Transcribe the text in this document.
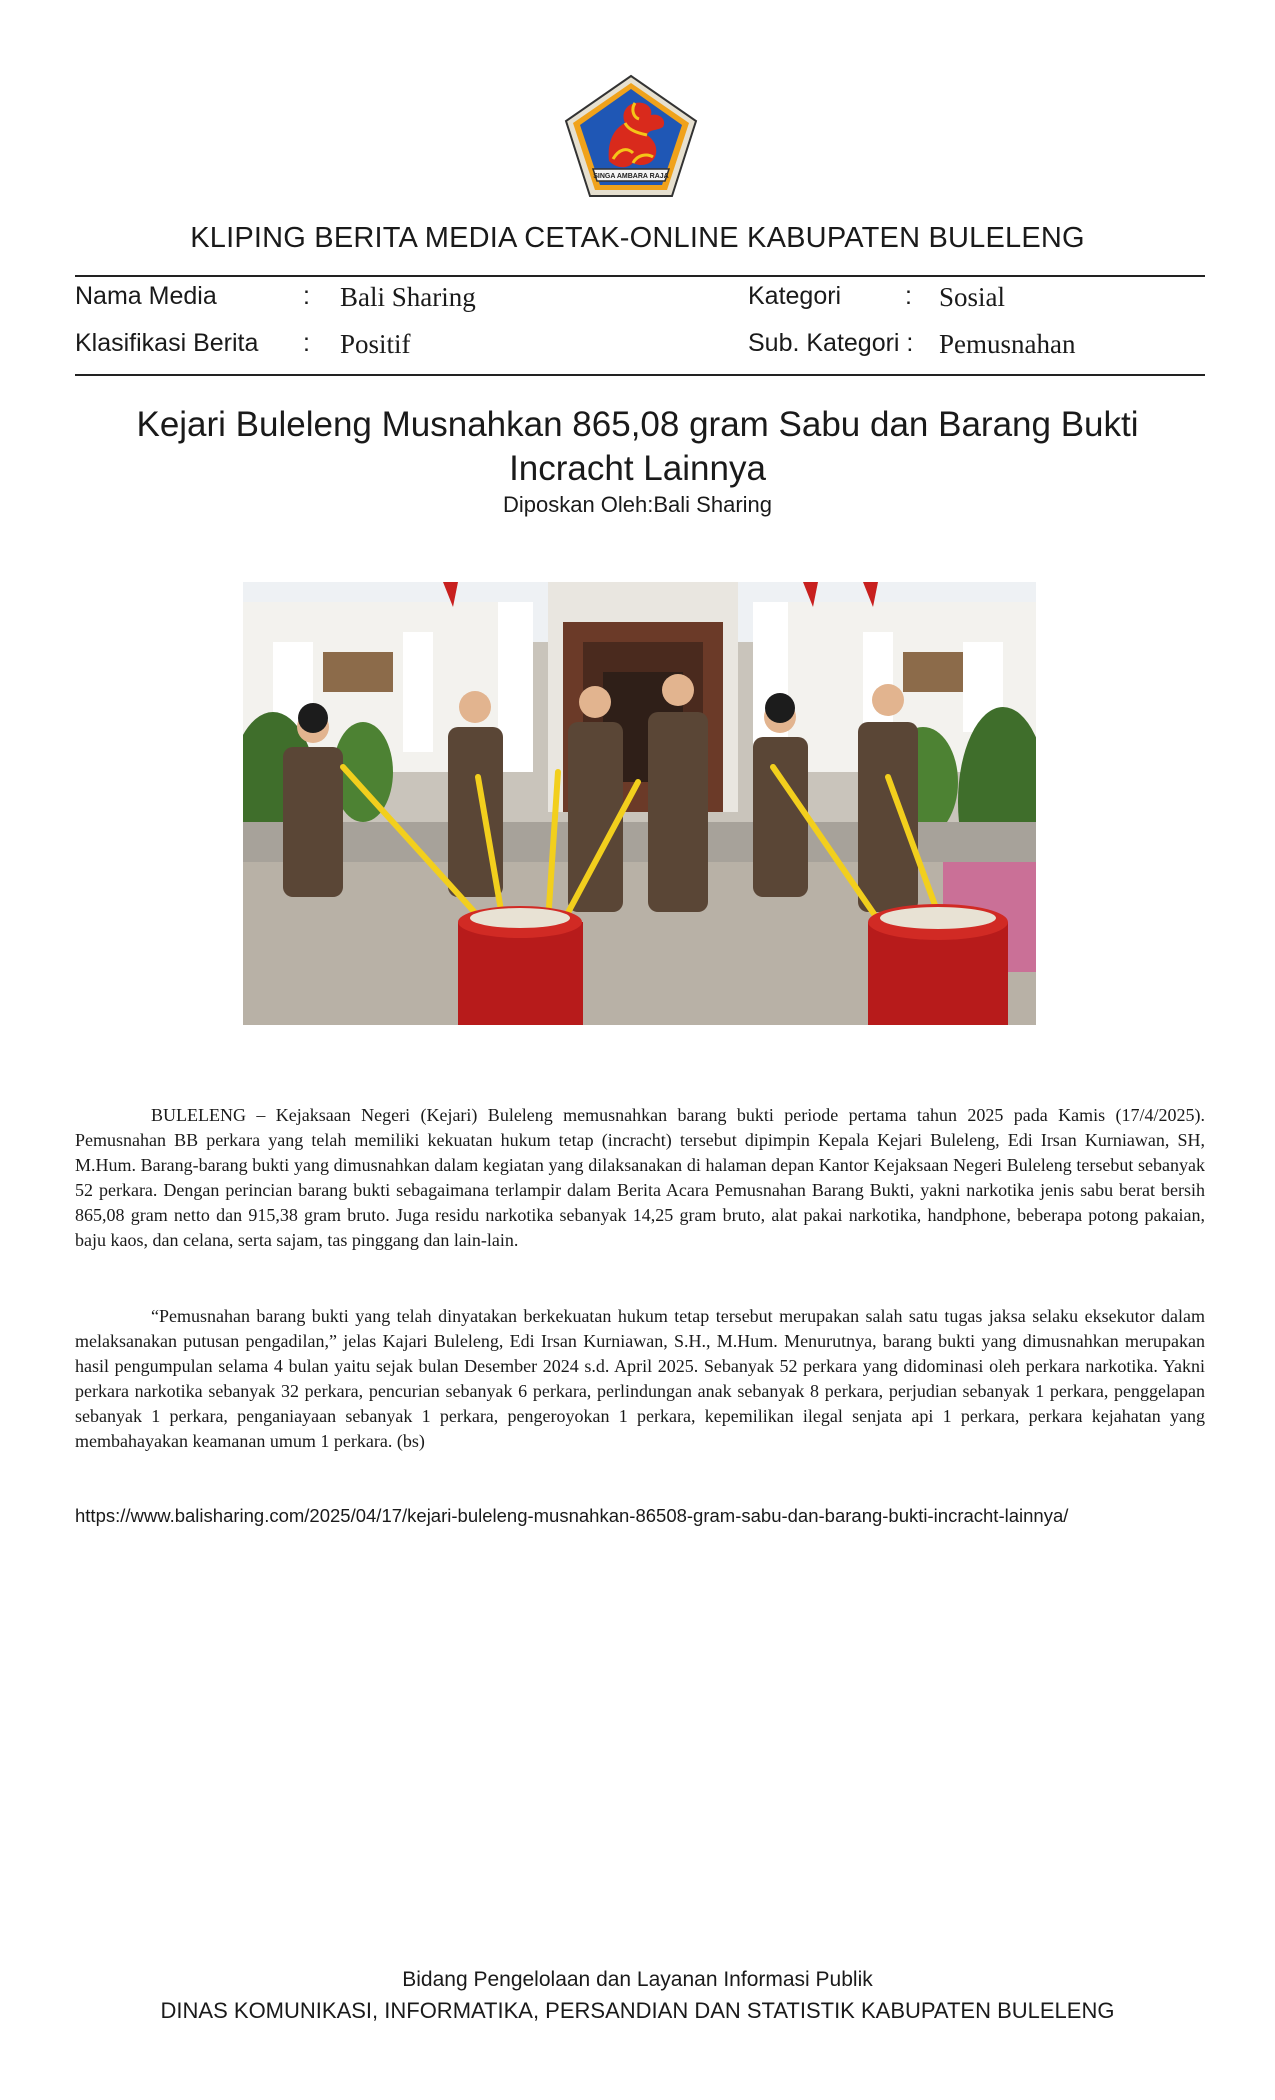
SINGA AMBARA RAJA
KLIPING BERITA MEDIA CETAK-ONLINE KABUPATEN BULELENG
Nama Media	: Bali Sharing	Kategori	: Sosial
Klasifikasi Berita : Positif	Sub. Kategori : Pemusnahan
Kejari Buleleng Musnahkan 865,08 gram Sabu dan Barang Bukti Incracht Lainnya
Diposkan Oleh:Bali Sharing
BULELENG – Kejaksaan Negeri (Kejari) Buleleng memusnahkan barang bukti periode pertama tahun 2025 pada Kamis (17/4/2025). Pemusnahan BB perkara yang telah memiliki kekuatan hukum tetap (incracht) tersebut dipimpin Kepala Kejari Buleleng, Edi Irsan Kurniawan, SH, M.Hum. Barang-barang bukti yang dimusnahkan dalam kegiatan yang dilaksanakan di halaman depan Kantor Kejaksaan Negeri Buleleng tersebut sebanyak 52 perkara. Dengan perincian barang bukti sebagaimana terlampir dalam Berita Acara Pemusnahan Barang Bukti, yakni narkotika jenis sabu berat bersih 865,08 gram netto dan 915,38 gram bruto. Juga residu narkotika sebanyak 14,25 gram bruto, alat pakai narkotika, handphone, beberapa potong pakaian, baju kaos, dan celana, serta sajam, tas pinggang dan lain-lain.
“Pemusnahan barang bukti yang telah dinyatakan berkekuatan hukum tetap tersebut merupakan salah satu tugas jaksa selaku eksekutor dalam melaksanakan putusan pengadilan,” jelas Kajari Buleleng, Edi Irsan Kurniawan, S.H., M.Hum. Menurutnya, barang bukti yang dimusnahkan merupakan hasil pengumpulan selama 4 bulan yaitu sejak bulan Desember 2024 s.d. April 2025. Sebanyak 52 perkara yang didominasi oleh perkara narkotika. Yakni perkara narkotika sebanyak 32 perkara, pencurian sebanyak 6 perkara, perlindungan anak sebanyak 8 perkara, perjudian sebanyak 1 perkara, penggelapan sebanyak 1 perkara, penganiayaan sebanyak 1 perkara, pengeroyokan 1 perkara, kepemilikan ilegal senjata api 1 perkara, perkara kejahatan yang membahayakan keamanan umum 1 perkara. (bs)
https://www.balisharing.com/2025/04/17/kejari-buleleng-musnahkan-86508-gram-sabu-dan-barang-bukti-incracht-lainnya/
Bidang Pengelolaan dan Layanan Informasi Publik
DINAS KOMUNIKASI, INFORMATIKA, PERSANDIAN DAN STATISTIK KABUPATEN BULELENG
